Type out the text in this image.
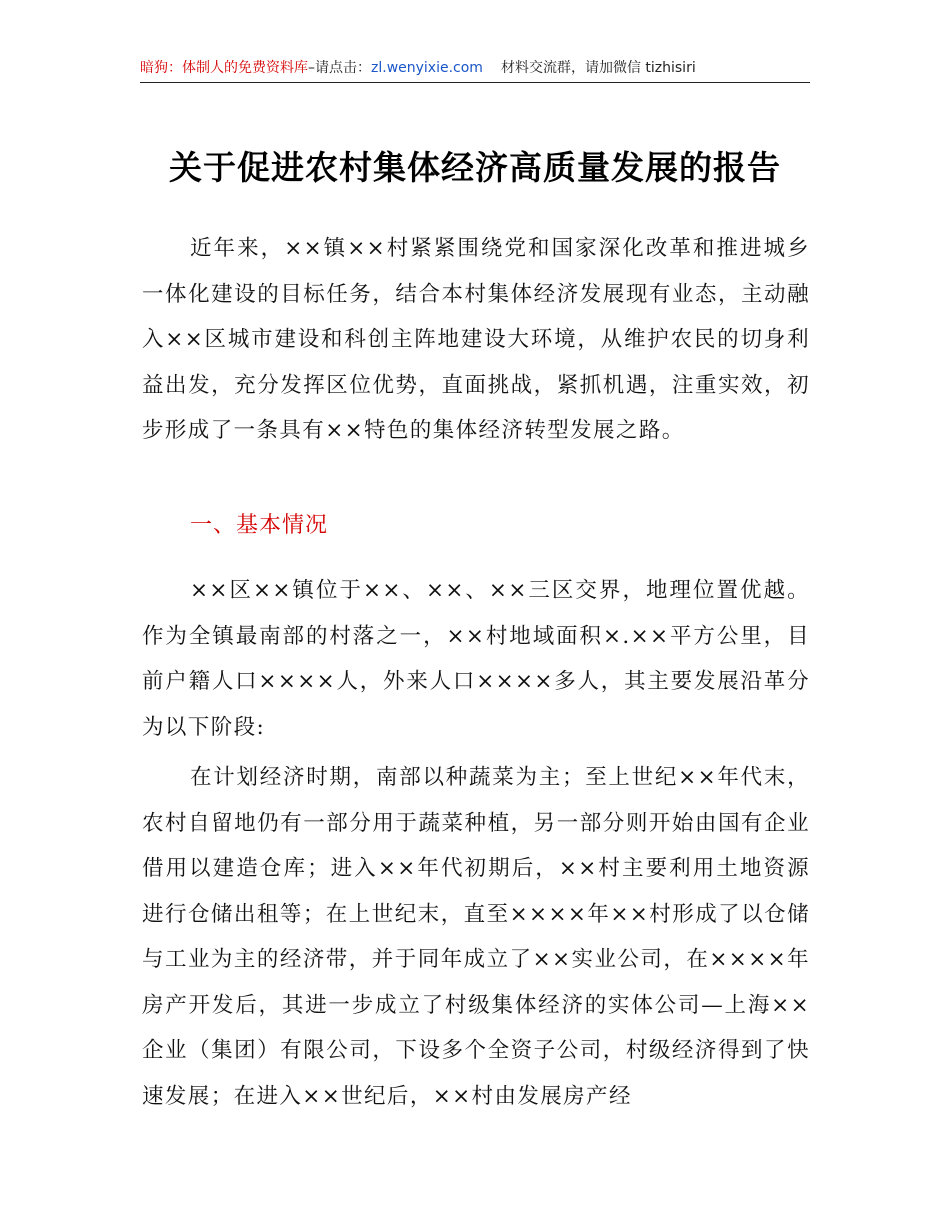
暗狗：体制人的免费资料库–请点击：zl.wenyixie.com 材料交流群，请加微信 tizhisiri
关于促进农村集体经济高质量发展的报告

近年来，××镇××村紧紧围绕党和国家深化改革和推进城乡一体化建设的目标任务，结合本村集体经济发展现有业态，主动融入××区城市建设和科创主阵地建设大环境，从维护农民的切身利益出发，充分发挥区位优势，直面挑战，紧抓机遇，注重实效，初步形成了一条具有××特色的集体经济转型发展之路。

一、基本情况

××区××镇位于××、××、××三区交界，地理位置优越。作为全镇最南部的村落之一，××村地域面积×.××平方公里，目前户籍人口××××人，外来人口××××多人，其主要发展沿革分为以下阶段:

在计划经济时期，南部以种蔬菜为主；至上世纪××年代末，农村自留地仍有一部分用于蔬菜种植，另一部分则开始由国有企业借用以建造仓库；进入××年代初期后，××村主要利用土地资源进行仓储出租等；在上世纪末，直至××××年××村形成了以仓储与工业为主的经济带，并于同年成立了××实业公司，在××××年房产开发后，其进一步成立了村级集体经济的实体公司—上海××企业（集团）有限公司，下设多个全资子公司，村级经济得到了快速发展；在进入××世纪后，××村由发展房产经
